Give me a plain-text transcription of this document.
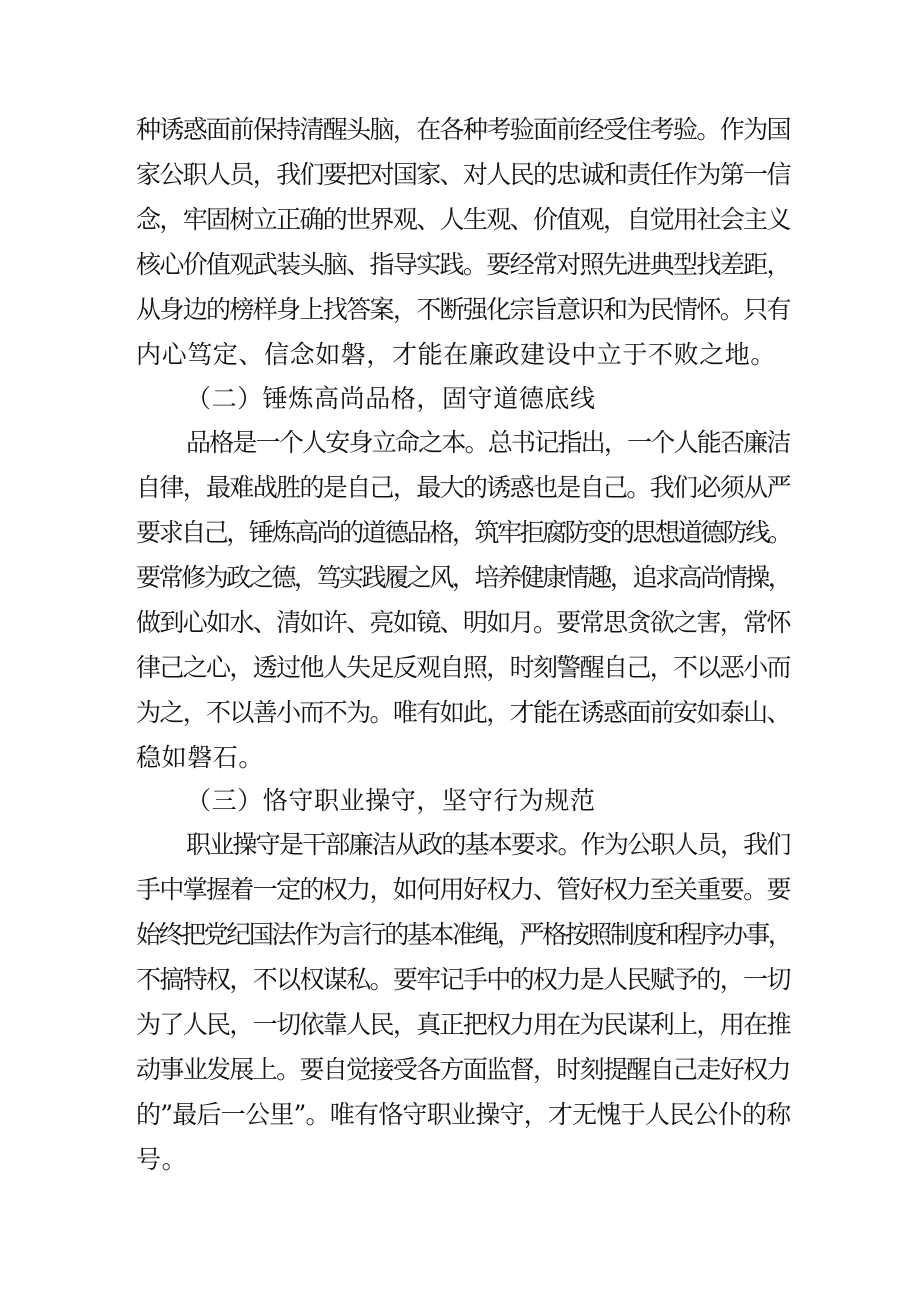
种诱惑面前保持清醒头脑，在各种考验面前经受住考验。作为国
家公职人员，我们要把对国家、对人民的忠诚和责任作为第一信
念，牢固树立正确的世界观、人生观、价值观，自觉用社会主义
核心价值观武装头脑、指导实践。要经常对照先进典型找差距，
从身边的榜样身上找答案，不断强化宗旨意识和为民情怀。只有
内心笃定、信念如磐，才能在廉政建设中立于不败之地。
（二）锤炼高尚品格，固守道德底线
品格是一个人安身立命之本。总书记指出，一个人能否廉洁
自律，最难战胜的是自己，最大的诱惑也是自己。我们必须从严
要求自己，锤炼高尚的道德品格，筑牢拒腐防变的思想道德防线。
要常修为政之德，笃实践履之风，培养健康情趣，追求高尚情操，
做到心如水、清如许、亮如镜、明如月。要常思贪欲之害，常怀
律己之心，透过他人失足反观自照，时刻警醒自己，不以恶小而
为之，不以善小而不为。唯有如此，才能在诱惑面前安如泰山、
稳如磐石。
（三）恪守职业操守，坚守行为规范
职业操守是干部廉洁从政的基本要求。作为公职人员，我们
手中掌握着一定的权力，如何用好权力、管好权力至关重要。要
始终把党纪国法作为言行的基本准绳，严格按照制度和程序办事，
不搞特权，不以权谋私。要牢记手中的权力是人民赋予的，一切
为了人民，一切依靠人民，真正把权力用在为民谋利上，用在推
动事业发展上。要自觉接受各方面监督，时刻提醒自己走好权力
的”最后一公里”。唯有恪守职业操守，才无愧于人民公仆的称
号。
